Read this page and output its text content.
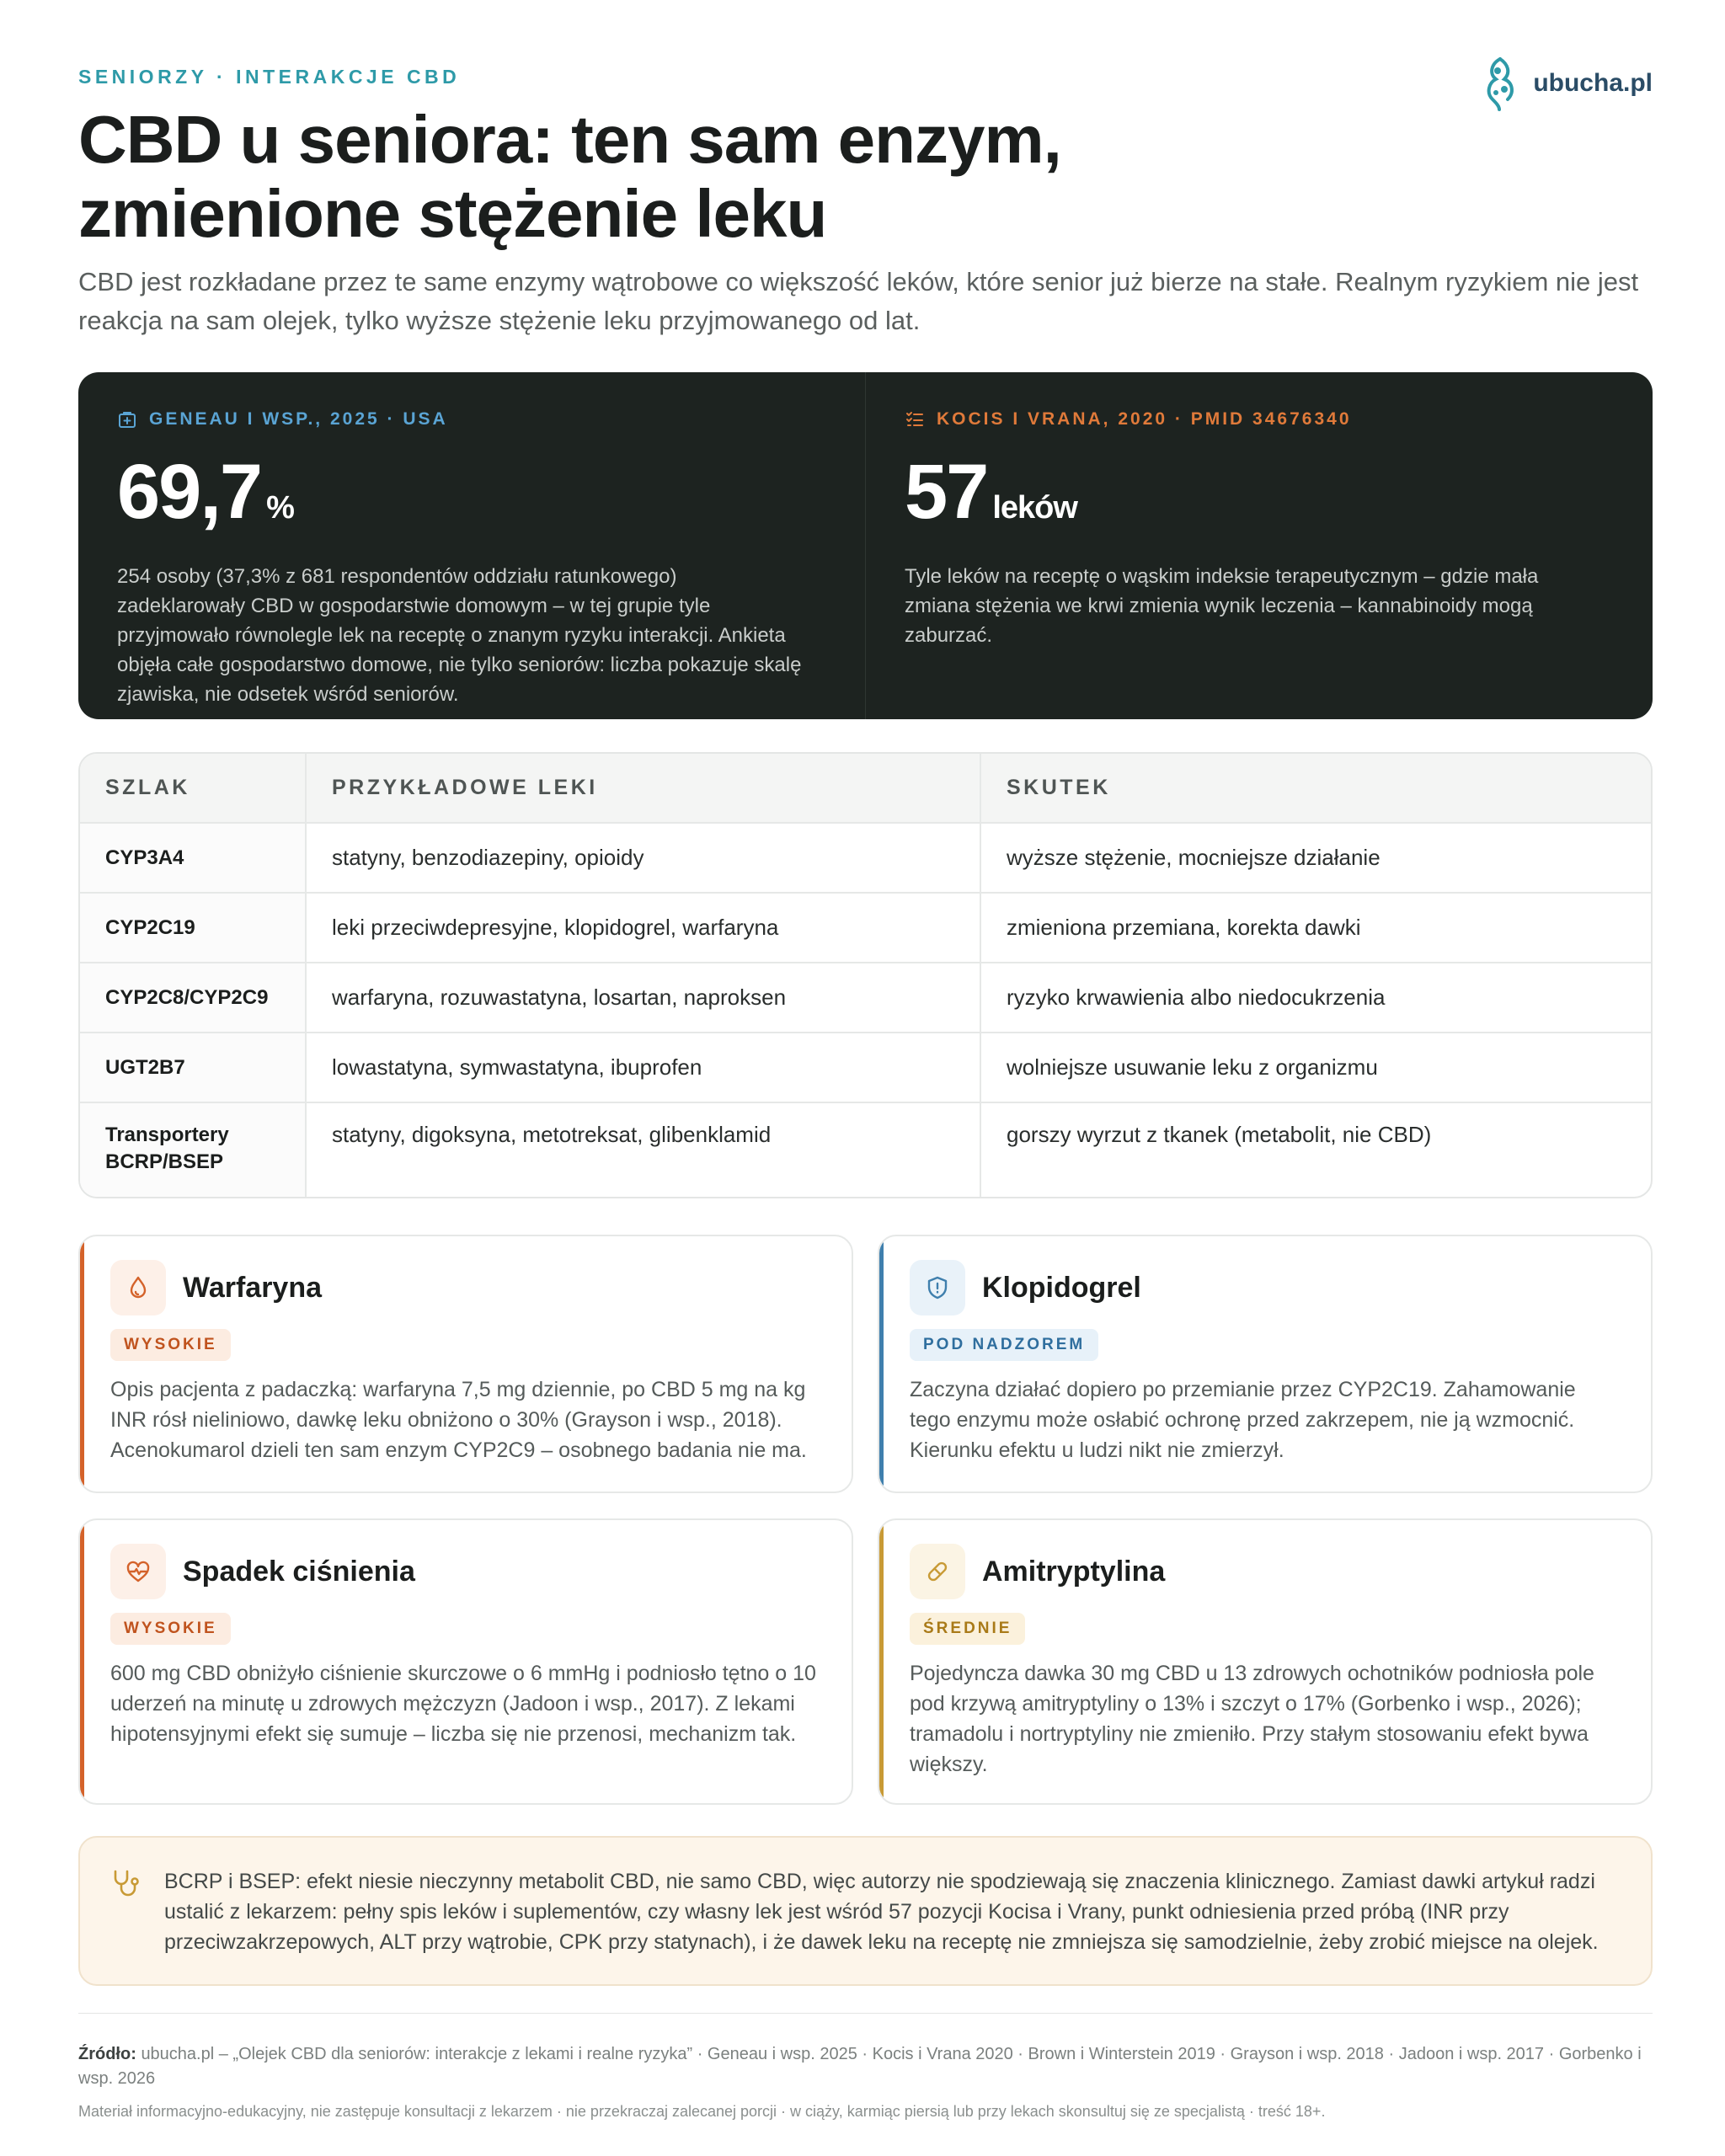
SENIORZY · INTERAKCJE CBD	ubucha.pl
CBD u seniora: ten sam enzym,
zmienione stężenie leku

CBD jest rozkładane przez te same enzymy wątrobowe co większość leków, które senior już bierze na stałe. Realnym ryzykiem nie jest reakcja na sam olejek, tylko wyższe stężenie leku przyjmowanego od lat.

GENEAU I WSP., 2025 · USA
69,7 %

254 osoby (37,3% z 681 respondentów oddziału ratunkowego) zadeklarowały CBD w gospodarstwie domowym – w tej grupie tyle przyjmowało równolegle lek na receptę o znanym ryzyku interakcji. Ankieta objęła całe gospodarstwo domowe, nie tylko seniorów: liczba pokazuje skalę zjawiska, nie odsetek wśród seniorów.

KOCIS I VRANA, 2020 · PMID 34676340
57 leków

Tyle leków na receptę o wąskim indeksie terapeutycznym – gdzie mała zmiana stężenia we krwi zmienia wynik leczenia – kannabinoidy mogą zaburzać.

SZLAK	PRZYKŁADOWE LEKI	SKUTEK
CYP3A4	statyny, benzodiazepiny, opioidy	wyższe stężenie, mocniejsze działanie
CYP2C19	leki przeciwdepresyjne, klopidogrel, warfaryna	zmieniona przemiana, korekta dawki
CYP2C8/CYP2C9	warfaryna, rozuwastatyna, losartan, naproksen	ryzyko krwawienia albo niedocukrzenia
UGT2B7	lowastatyna, symwastatyna, ibuprofen	wolniejsze usuwanie leku z organizmu
Transportery BCRP/BSEP	statyny, digoksyna, metotreksat, glibenklamid	gorszy wyrzut z tkanek (metabolit, nie CBD)
Warfaryna
WYSOKIE

Opis pacjenta z padaczką: warfaryna 7,5 mg dziennie, po CBD 5 mg na kg INR rósł nieliniowo, dawkę leku obniżono o 30% (Grayson i wsp., 2018). Acenokumarol dzieli ten sam enzym CYP2C9 – osobnego badania nie ma.

Klopidogrel
POD NADZOREM

Zaczyna działać dopiero po przemianie przez CYP2C19. Zahamowanie tego enzymu może osłabić ochronę przed zakrzepem, nie ją wzmocnić. Kierunku efektu u ludzi nikt nie zmierzył.

Spadek ciśnienia
WYSOKIE

600 mg CBD obniżyło ciśnienie skurczowe o 6 mmHg i podniosło tętno o 10 uderzeń na minutę u zdrowych mężczyzn (Jadoon i wsp., 2017). Z lekami hipotensyjnymi efekt się sumuje – liczba się nie przenosi, mechanizm tak.

Amitryptylina
ŚREDNIE

Pojedyncza dawka 30 mg CBD u 13 zdrowych ochotników podniosła pole pod krzywą amitryptyliny o 13% i szczyt o 17% (Gorbenko i wsp., 2026); tramadolu i nortryptyliny nie zmieniło. Przy stałym stosowaniu efekt bywa większy.

BCRP i BSEP: efekt niesie nieczynny metabolit CBD, nie samo CBD, więc autorzy nie spodziewają się znaczenia klinicznego. Zamiast dawki artykuł radzi ustalić z lekarzem: pełny spis leków i suplementów, czy własny lek jest wśród 57 pozycji Kocisa i Vrany, punkt odniesienia przed próbą (INR przy przeciwzakrzepowych, ALT przy wątrobie, CPK przy statynach), i że dawek leku na receptę nie zmniejsza się samodzielnie, żeby zrobić miejsce na olejek.

Źródło: ubucha.pl – „Olejek CBD dla seniorów: interakcje z lekami i realne ryzyka” · Geneau i wsp. 2025 · Kocis i Vrana 2020 · Brown i Winterstein 2019 · Grayson i wsp. 2018 · Jadoon i wsp. 2017 · Gorbenko i wsp. 2026

Materiał informacyjno-edukacyjny, nie zastępuje konsultacji z lekarzem · nie przekraczaj zalecanej porcji · w ciąży, karmiąc piersią lub przy lekach skonsultuj się ze specjalistą · treść 18+.
